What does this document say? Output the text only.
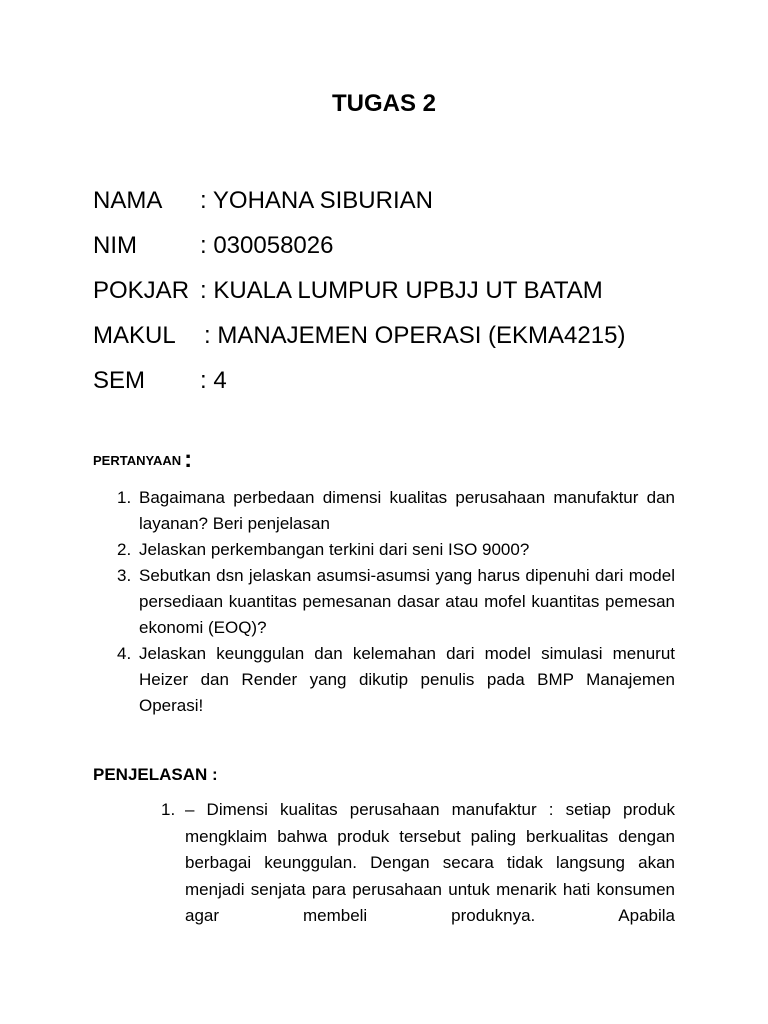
TUGAS 2
NAMA	: YOHANA SIBURIAN
NIM	: 030058026
POKJAR : KUALA LUMPUR UPBJJ UT BATAM
MAKUL	: MANAJEMEN OPERASI (EKMA4215)
SEM	: 4
PERTANYAAN :
1. Bagaimana perbedaan dimensi kualitas perusahaan manufaktur dan layanan? Beri penjelasan
2. Jelaskan perkembangan terkini dari seni ISO 9000?
3. Sebutkan dsn jelaskan asumsi-asumsi yang harus dipenuhi dari model persediaan kuantitas pemesanan dasar atau mofel kuantitas pemesan ekonomi (EOQ)?
4. Jelaskan keunggulan dan kelemahan dari model simulasi menurut Heizer dan Render yang dikutip penulis pada BMP Manajemen Operasi!
PENJELASAN :
1. – Dimensi kualitas perusahaan manufaktur : setiap produk mengklaim bahwa produk tersebut paling berkualitas dengan berbagai keunggulan. Dengan secara tidak langsung akan menjadi senjata para perusahaan untuk menarik hati konsumen agar membeli produknya. Apabila
